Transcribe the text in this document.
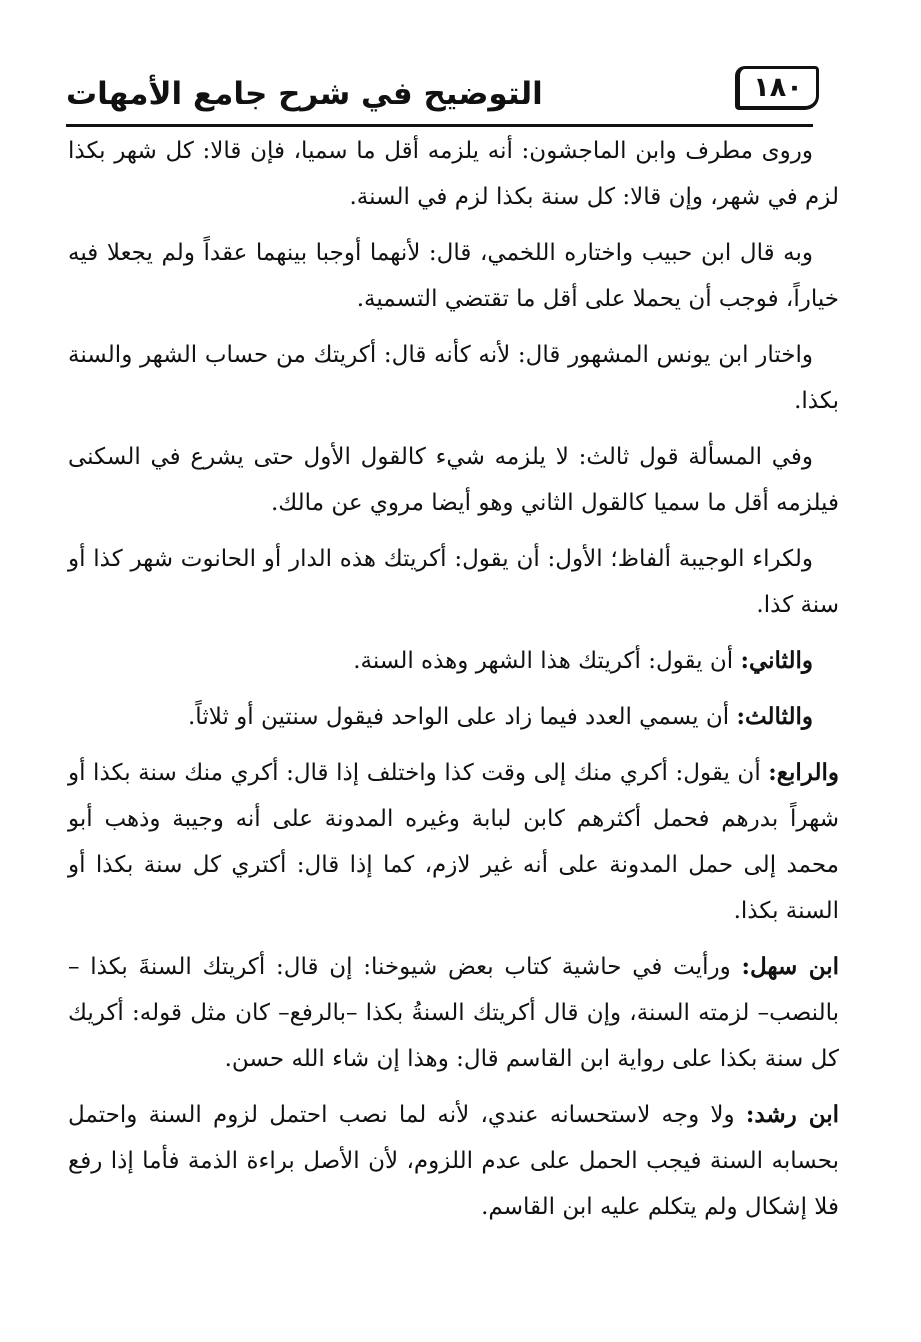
التوضيح في شرح جامع الأمهات	١٨٠

وروى مطرف وابن الماجشون: أنه يلزمه أقل ما سميا، فإن قالا: كل شهر بكذا لزم في شهر، وإن قالا: كل سنة بكذا لزم في السنة.

وبه قال ابن حبيب واختاره اللخمي، قال: لأنهما أوجبا بينهما عقداً ولم يجعلا فيه خياراً، فوجب أن يحملا على أقل ما تقتضي التسمية.

واختار ابن يونس المشهور قال: لأنه كأنه قال: أكريتك من حساب الشهر والسنة بكذا.

وفي المسألة قول ثالث: لا يلزمه شيء كالقول الأول حتى يشرع في السكنى فيلزمه أقل ما سميا كالقول الثاني وهو أيضا مروي عن مالك.

ولكراء الوجيبة ألفاظ؛ الأول: أن يقول: أكريتك هذه الدار أو الحانوت شهر كذا أو سنة كذا.

والثاني: أن يقول: أكريتك هذا الشهر وهذه السنة.

والثالث: أن يسمي العدد فيما زاد على الواحد فيقول سنتين أو ثلاثاً.

والرابع: أن يقول: أكري منك إلى وقت كذا واختلف إذا قال: أكري منك سنة بكذا أو شهراً بدرهم فحمل أكثرهم كابن لبابة وغيره المدونة على أنه وجيبة وذهب أبو محمد إلى حمل المدونة على أنه غير لازم، كما إذا قال: أكتري كل سنة بكذا أو السنة بكذا.

ابن سهل: ورأيت في حاشية كتاب بعض شيوخنا: إن قال: أكريتك السنةَ بكذا –بالنصب– لزمته السنة، وإن قال أكريتك السنةُ بكذا –بالرفع– كان مثل قوله: أكريك كل سنة بكذا على رواية ابن القاسم قال: وهذا إن شاء الله حسن.

ابن رشد: ولا وجه لاستحسانه عندي، لأنه لما نصب احتمل لزوم السنة واحتمل بحسابه السنة فيجب الحمل على عدم اللزوم، لأن الأصل براءة الذمة فأما إذا رفع فلا إشكال ولم يتكلم عليه ابن القاسم.
